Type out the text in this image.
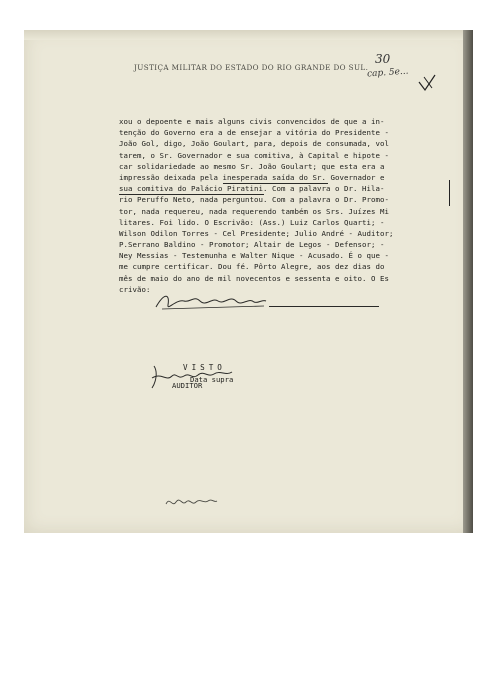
JUSTIÇA MILITAR DO ESTADO DO RIO GRANDE DO SUL.
30
cap. 5e...
xou o depoente e mais alguns civis convencidos de que a in-
tenção do Governo era a de ensejar a vitória do Presidente -
João Gol, digo, João Goulart, para, depois de consumada, vol
tarem, o Sr. Governador e sua comitiva, à Capital e hipote -
car solidariedade ao mesmo Sr. João Goulart; que esta era a
impressão deixada pela inesperada saída do Sr. Governador e
sua comitiva do Palácio Piratini. Com a palavra o Dr. Hila-
rio Peruffo Neto, nada perguntou. Com a palavra o Dr. Promo-
tor, nada requereu, nada requerendo também os Srs. Juízes Mi
litares. Foi lido. O Escrivão: (Ass.) Luiz Carlos Quarti; -
Wilson Odilon Torres - Cel Presidente; Julio André - Auditor;
P.Serrano Baldino - Promotor; Altair de Legos - Defensor; -
Ney Messias - Testemunha e Walter Nique - Acusado. É o que -
me cumpre certificar. Dou fé. Pôrto Alegre, aos dez dias do
mês de maio do ano de mil novecentos e sessenta e oito. O Es
crivão:
VISTO
Data supra
AUDITOR
